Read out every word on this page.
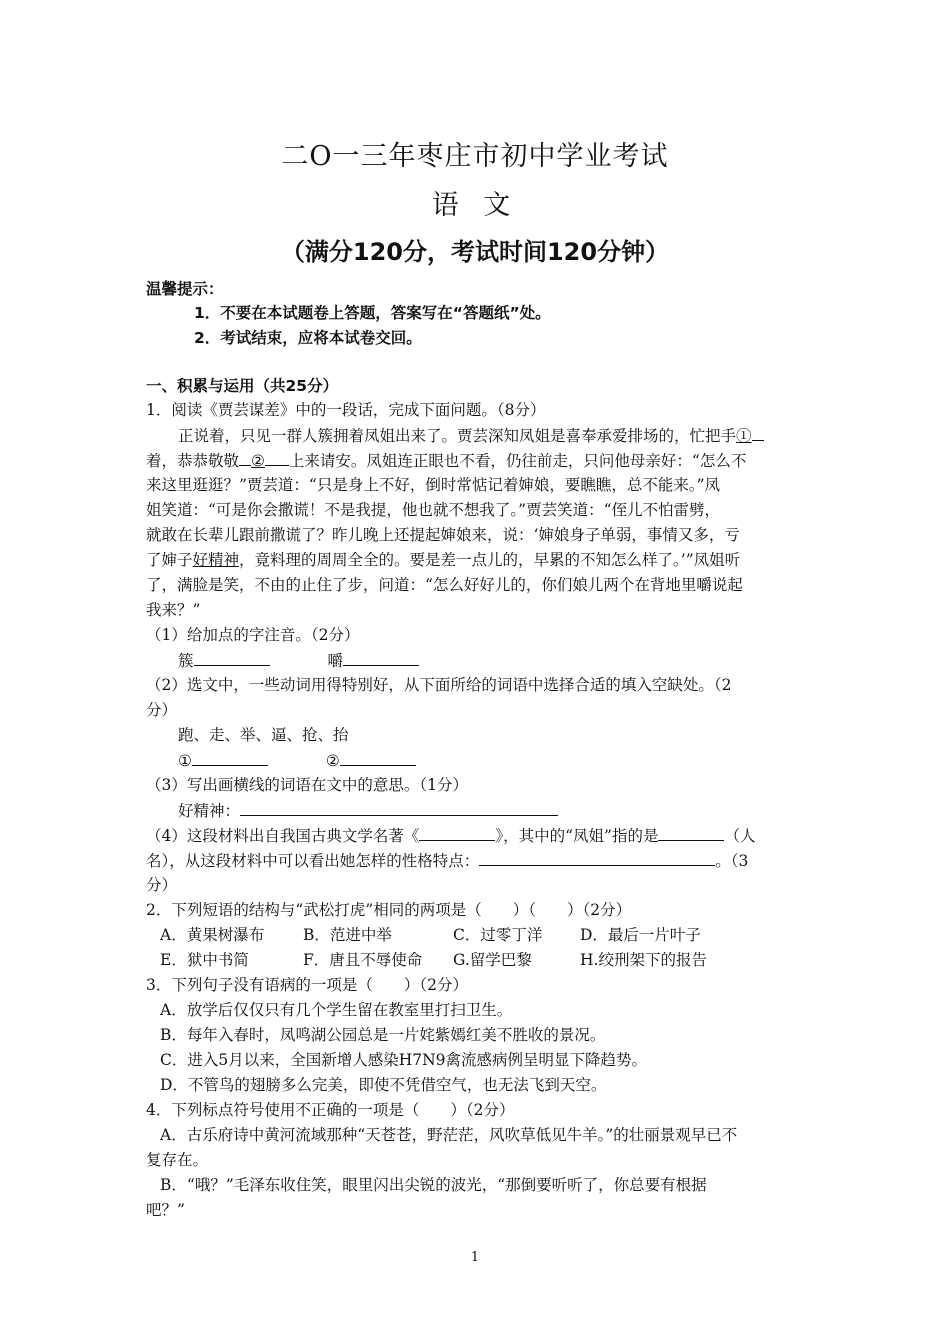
二O一三年枣庄市初中学业考试
语 文
（满分120分，考试时间120分钟）
温馨提示：
1．不要在本试题卷上答题，答案写在“答题纸”处。
2．考试结束，应将本试卷交回。
一、积累与运用（共25分）
1．阅读《贾芸谋差》中的一段话，完成下面问题。（8分）
正说着，只见一群人簇拥着凤姐出来了。贾芸深知凤姐是喜奉承爱排场的，忙把手①
着，恭恭敬敬 ② 上来请安。凤姐连正眼也不看，仍往前走，只问他母亲好：“怎么不
来这里逛逛？”贾芸道：“只是身上不好，倒时常惦记着婶娘，要瞧瞧，总不能来。”凤
姐笑道：“可是你会撒谎！不是我提，他也就不想我了。”贾芸笑道：“侄儿不怕雷劈，
就敢在长辈儿跟前撒谎了？昨儿晚上还提起婶娘来，说：‘婶娘身子单弱，事情又多，亏
了婶子好精神，竟料理的周周全全的。要是差一点儿的，早累的不知怎么样了。’”凤姐听
了，满脸是笑，不由的止住了步，问道：“怎么好好儿的，你们娘儿两个在背地里嚼说起
我来？”
（1）给加点的字注音。（2分）
簇	嚼
（2）选文中，一些动词用得特别好，从下面所给的词语中选择合适的填入空缺处。（2
分）
跑、走、举、逼、抢、抬
①	②
（3）写出画横线的词语在文中的意思。（1分）
好精神：
（4）这段材料出自我国古典文学名著《	》，其中的“凤姐”指的是	（人
名），从这段材料中可以看出她怎样的性格特点：	。（3
分）
2．下列短语的结构与“武松打虎”相同的两项是（　　）（　　）（2分）
A．黄果树瀑布	B．范进中举	C．过零丁洋 D．最后一片叶子
E．狱中书简	F．唐且不辱使命 G.留学巴黎	H.绞刑架下的报告
3．下列句子没有语病的一项是（　　）（2分）
A．放学后仅仅只有几个学生留在教室里打扫卫生。
B．每年入春时，凤鸣湖公园总是一片姹紫嫣红美不胜收的景况。
C．进入5月以来，全国新增人感染H7N9禽流感病例呈明显下降趋势。
D．不管鸟的翅膀多么完美，即使不凭借空气，也无法飞到天空。
4．下列标点符号使用不正确的一项是（　　）（2分）
A．古乐府诗中黄河流域那种“天苍苍，野茫茫，风吹草低见牛羊。”的壮丽景观早已不
复存在。
B．“哦？”毛泽东收住笑，眼里闪出尖锐的波光，“那倒要听听了，你总要有根据
吧？”
1
